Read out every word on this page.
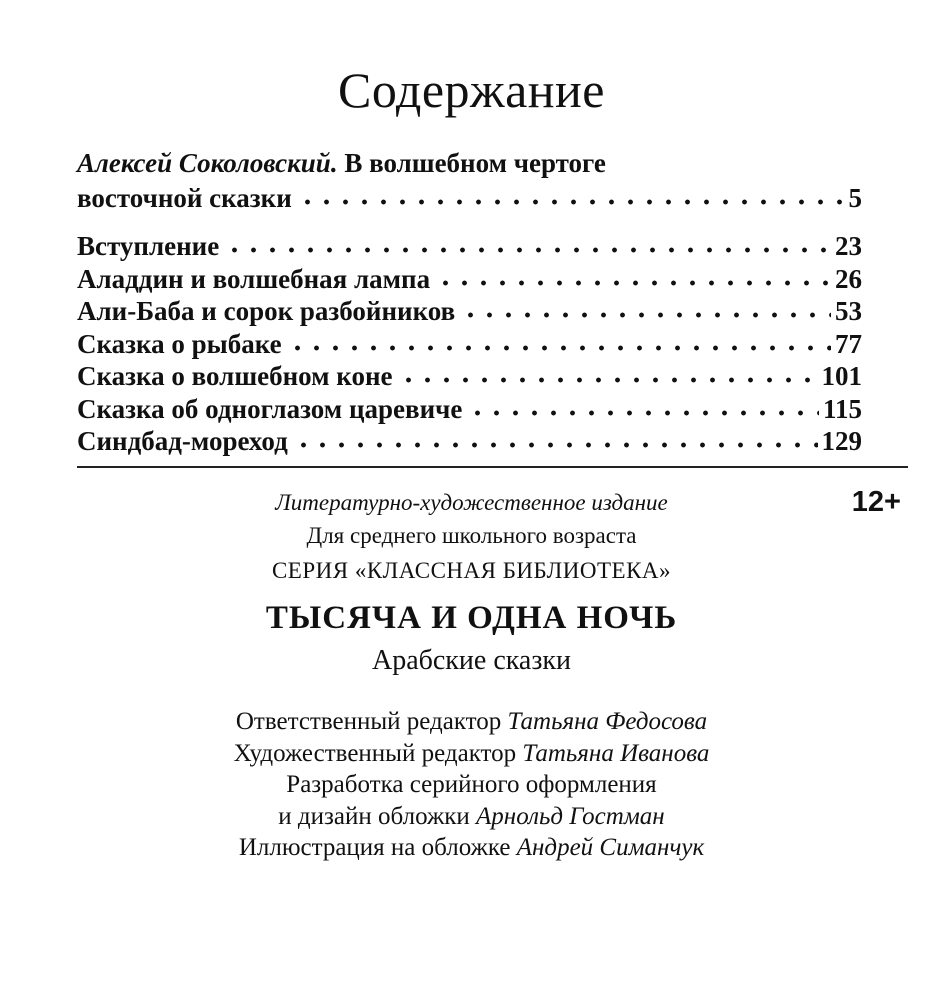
Содержание
Алексей Соколовский. В волшебном чертоге
восточной сказки	5
Вступление	23
Аладдин и волшебная лампа	26
Али-Баба и сорок разбойников	53
Сказка о рыбаке	77
Сказка о волшебном коне	101
Сказка об одноглазом царевиче	115
Синдбад-мореход	129
Литературно-художественное издание	12+
Для среднего школьного возраста
СЕРИЯ «КЛАССНАЯ БИБЛИОТЕКА»
ТЫСЯЧА И ОДНА НОЧЬ
Арабские сказки
Ответственный редактор Татьяна Федосова
Художественный редактор Татьяна Иванова
Разработка серийного оформления
и дизайн обложки Арнольд Гостман
Иллюстрация на обложке Андрей Симанчук
